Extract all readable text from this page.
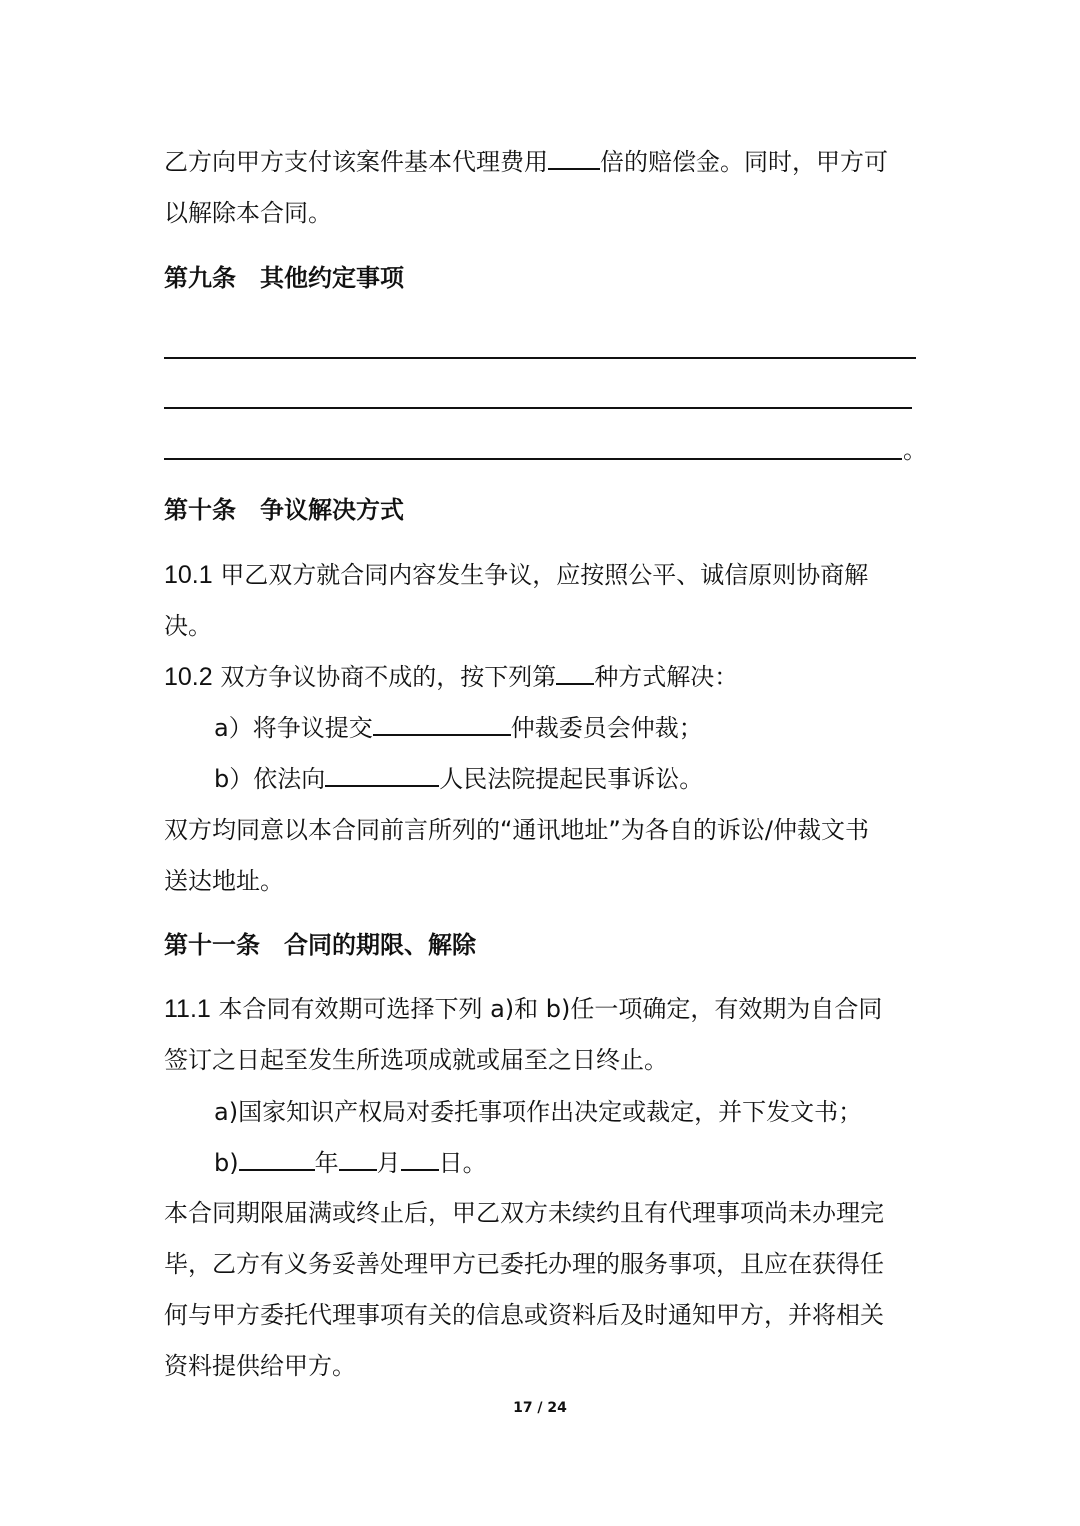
乙方向甲方支付该案件基本代理费用 倍的赔偿金。同时，甲方可
以解除本合同。
第九条　其他约定事项
。
第十条　争议解决方式
10.1 甲乙双方就合同内容发生争议，应按照公平、诚信原则协商解
决。
10.2 双方争议协商不成的，按下列第 种方式解决：
a）将争议提交	仲裁委员会仲裁；
b）依法向	人民法院提起民事诉讼。
双方均同意以本合同前言所列的“通讯地址”为各自的诉讼/仲裁文书
送达地址。
第十一条　合同的期限、解除
11.1 本合同有效期可选择下列 a)和 b)任一项确定，有效期为自合同
签订之日起至发生所选项成就或届至之日终止。
a)国家知识产权局对委托事项作出决定或裁定，并下发文书；
b)	年 月 日。
本合同期限届满或终止后，甲乙双方未续约且有代理事项尚未办理完
毕，乙方有义务妥善处理甲方已委托办理的服务事项，且应在获得任
何与甲方委托代理事项有关的信息或资料后及时通知甲方，并将相关
资料提供给甲方。
17 / 24
